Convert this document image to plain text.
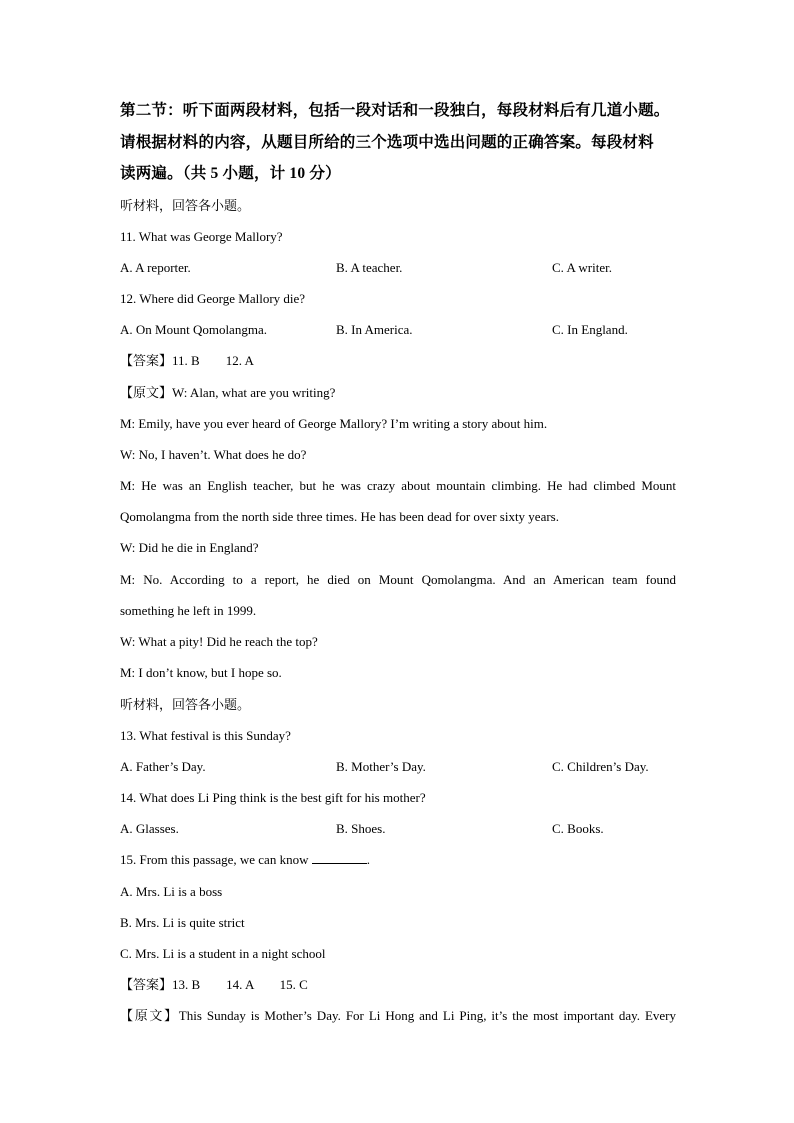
第二节：听下面两段材料，包括一段对话和一段独白，每段材料后有几道小题。
请根据材料的内容，从题目所给的三个选项中选出问题的正确答案。每段材料
读两遍。（共 5 小题，计 10 分）
听材料，回答各小题。
11. What was George Mallory?
A. A reporter.	B. A teacher.	C. A writer.
12. Where did George Mallory die?
A. On Mount Qomolangma.	B. In America.	C. In England.
【答案】11. B        12. A
【原文】W: Alan, what are you writing?
M: Emily, have you ever heard of George Mallory? I’m writing a story about him.
W: No, I haven’t. What does he do?
M: He was an English teacher, but he was crazy about mountain climbing. He had climbed Mount
Qomolangma from the north side three times. He has been dead for over sixty years.
W: Did he die in England?
M: No. According to a report, he died on Mount Qomolangma. And an American team found
something he left in 1999.
W: What a pity! Did he reach the top?
M: I don’t know, but I hope so.
听材料，回答各小题。
13. What festival is this Sunday?
A. Father’s Day.	B. Mother’s Day.	C. Children’s Day.
14. What does Li Ping think is the best gift for his mother?
A. Glasses.	B. Shoes.	C. Books.
15. From this passage, we can know	.
A. Mrs. Li is a boss
B. Mrs. Li is quite strict
C. Mrs. Li is a student in a night school
【答案】13. B        14. A        15. C
【原文】This Sunday is Mother’s Day. For Li Hong and Li Ping, it’s the most important day. Every
